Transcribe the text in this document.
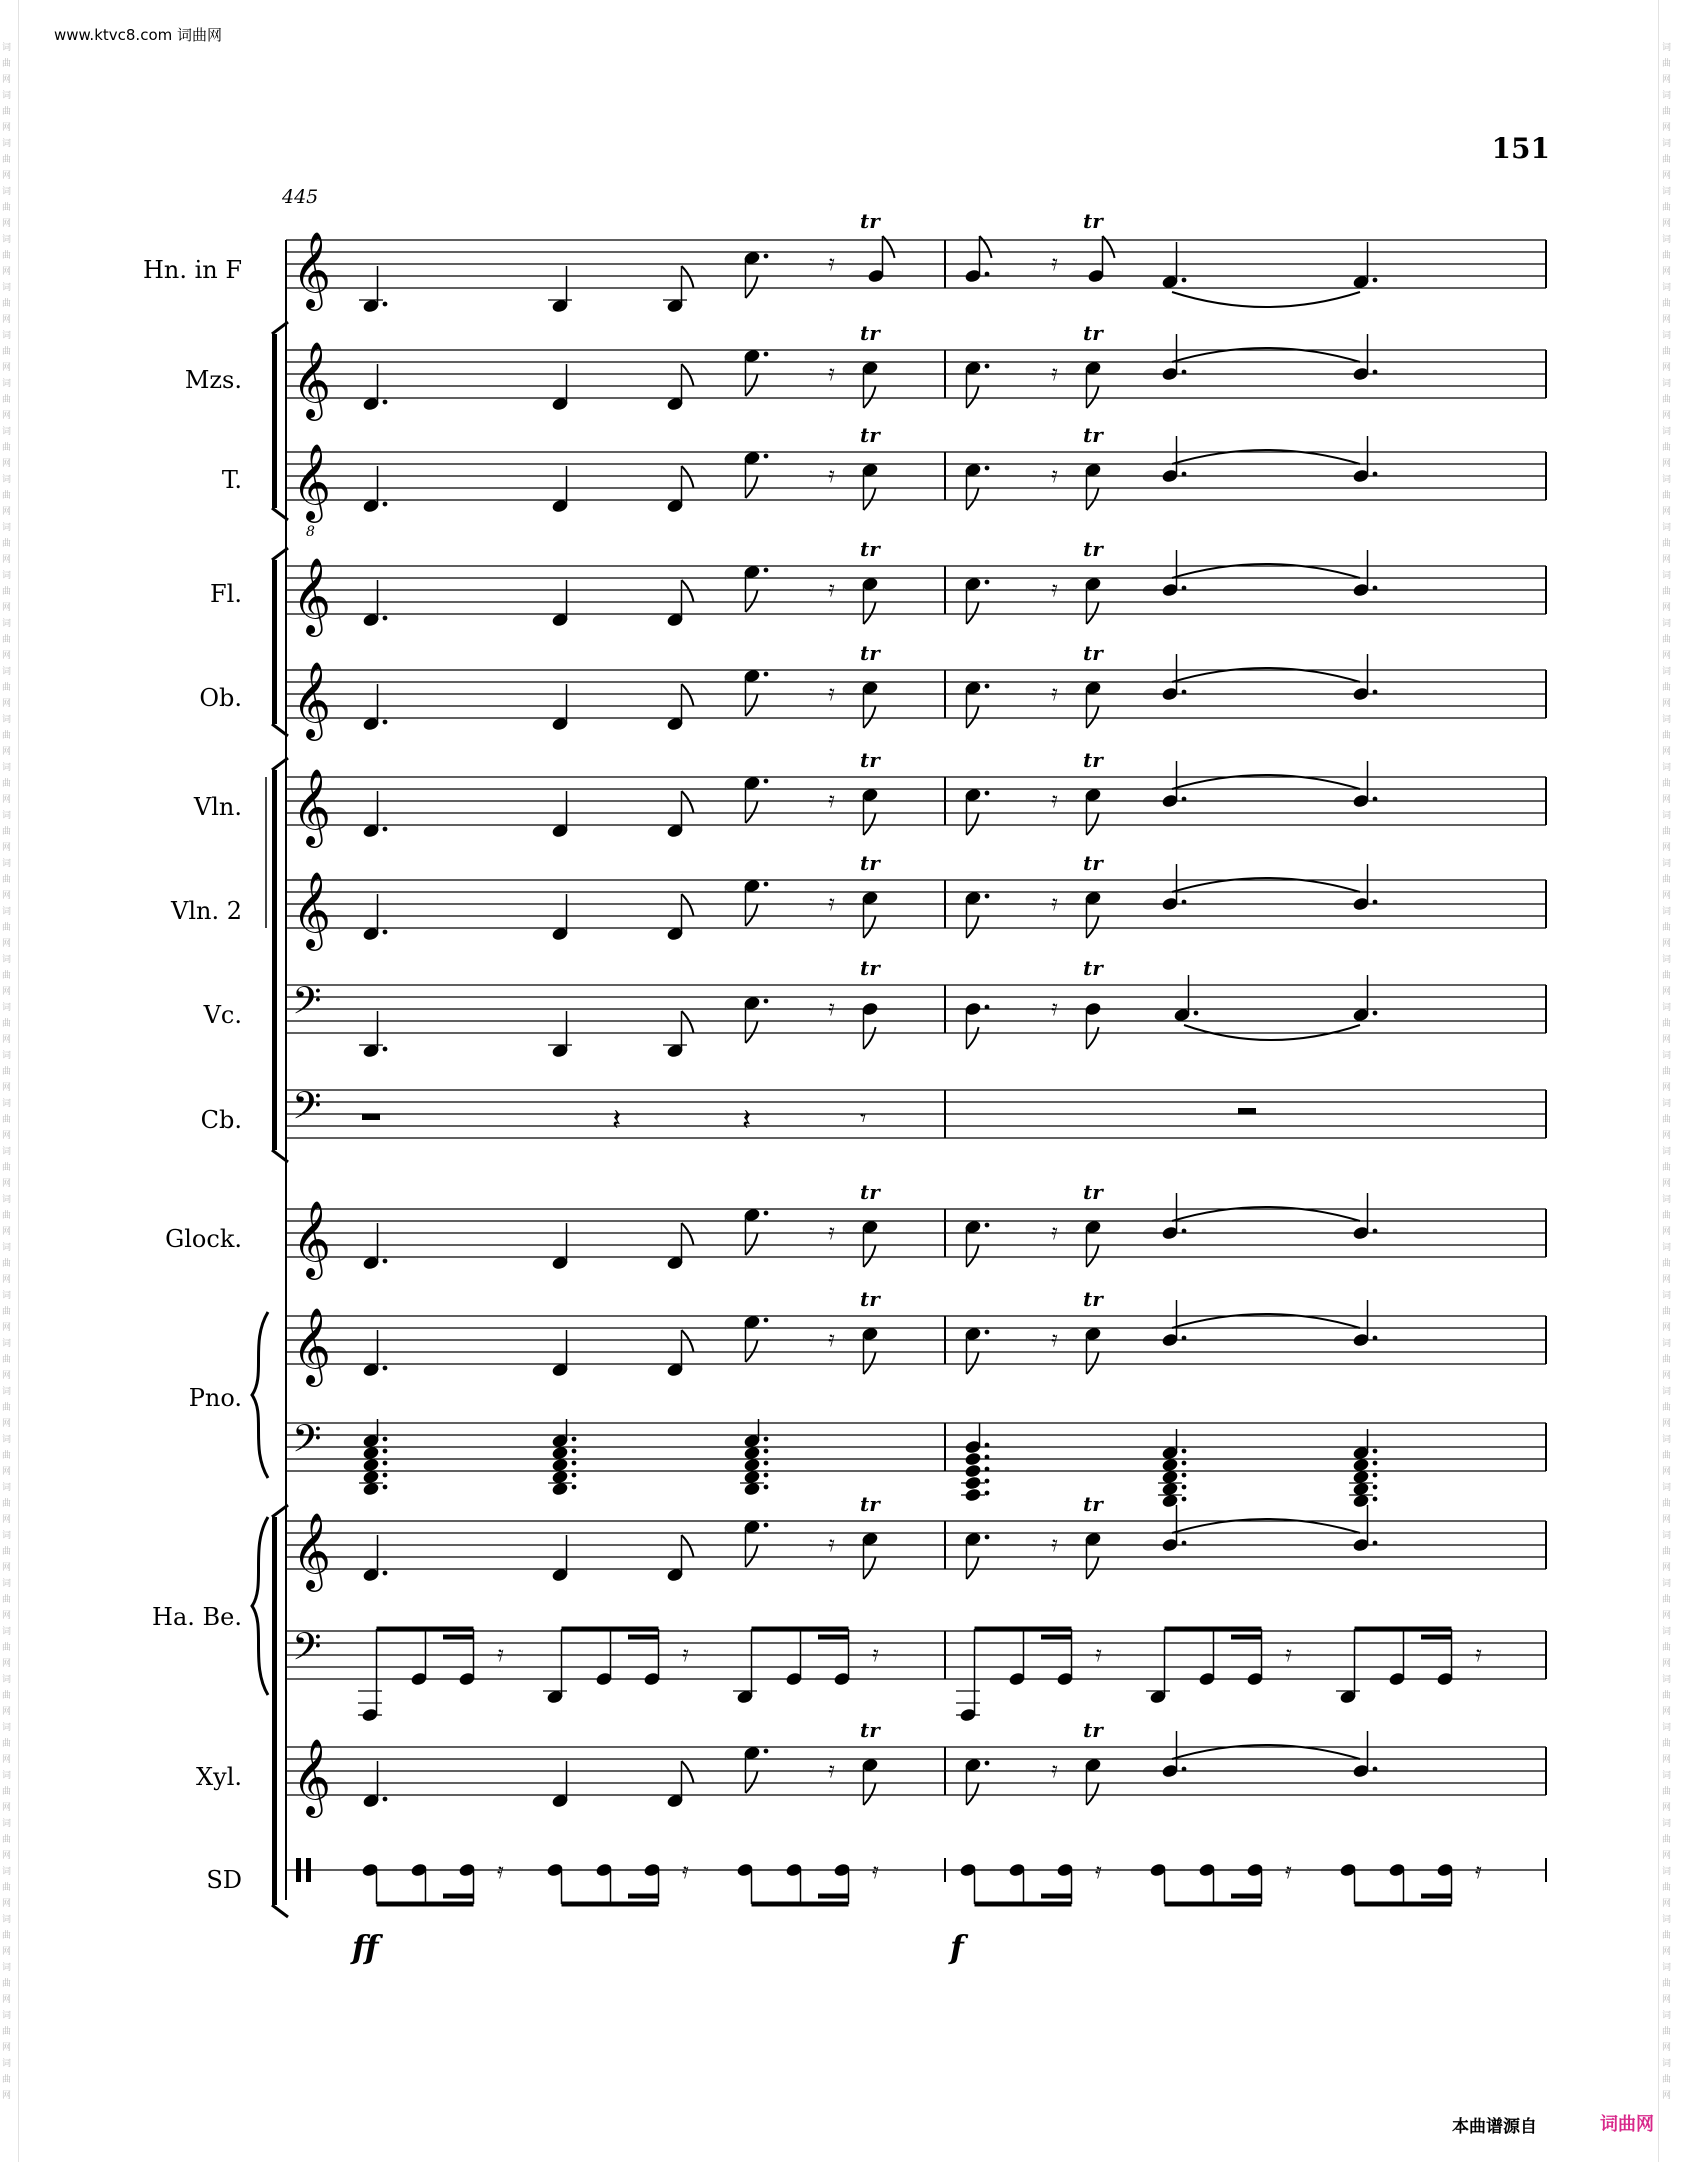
词曲网词曲网词曲网词曲网词曲网词曲网词曲网词曲网词曲网词曲网词曲网词曲网词曲网词曲网词曲网词曲网词曲网词曲网词曲网词曲网词曲网词曲网词曲网词曲网词曲网词曲网词曲网词曲网词曲网词曲网词曲网词曲网词曲网词曲网词曲网词曲网词曲网词曲网词曲网词曲网词曲网词曲网词曲网
词曲网词曲网词曲网词曲网词曲网词曲网词曲网词曲网词曲网词曲网词曲网词曲网词曲网词曲网词曲网词曲网词曲网词曲网词曲网词曲网词曲网词曲网词曲网词曲网词曲网词曲网词曲网词曲网词曲网词曲网词曲网词曲网词曲网词曲网词曲网词曲网词曲网词曲网词曲网词曲网词曲网词曲网词曲网
www.ktvc8.com 词曲网
151
445
Hn. in F
Mzs.
T.
Fl.
Ob.
Vln.
Vln. 2
Vc.
Cb.
Glock.
Pno.
Ha. Be.
Xyl.
SD
𝄞	𝄿
tr
𝄿
tr
𝄞	𝄿
tr
𝄿
tr
𝄞
8
𝄿
tr
𝄿
tr
𝄞	𝄿
tr
𝄿
tr
𝄞	𝄿
tr
𝄿
tr
𝄞	𝄿
tr
𝄿
tr
𝄞	𝄿
tr
𝄿
tr
𝄢	𝄿
tr
𝄿
tr
𝄢	𝄽	𝄽	𝄾
𝄞	𝄿
tr
𝄿
tr
𝄞	𝄿
tr
𝄿
tr
𝄢
𝄞	𝄿
tr
𝄿
tr
𝄢	𝄿	𝄿	𝄿	𝄿	𝄿	𝄿
𝄞	𝄿
tr
𝄿
tr
𝄿	𝄿	𝄿	𝄿	𝄿	𝄿
ff	f
本曲谱源自	词曲网
